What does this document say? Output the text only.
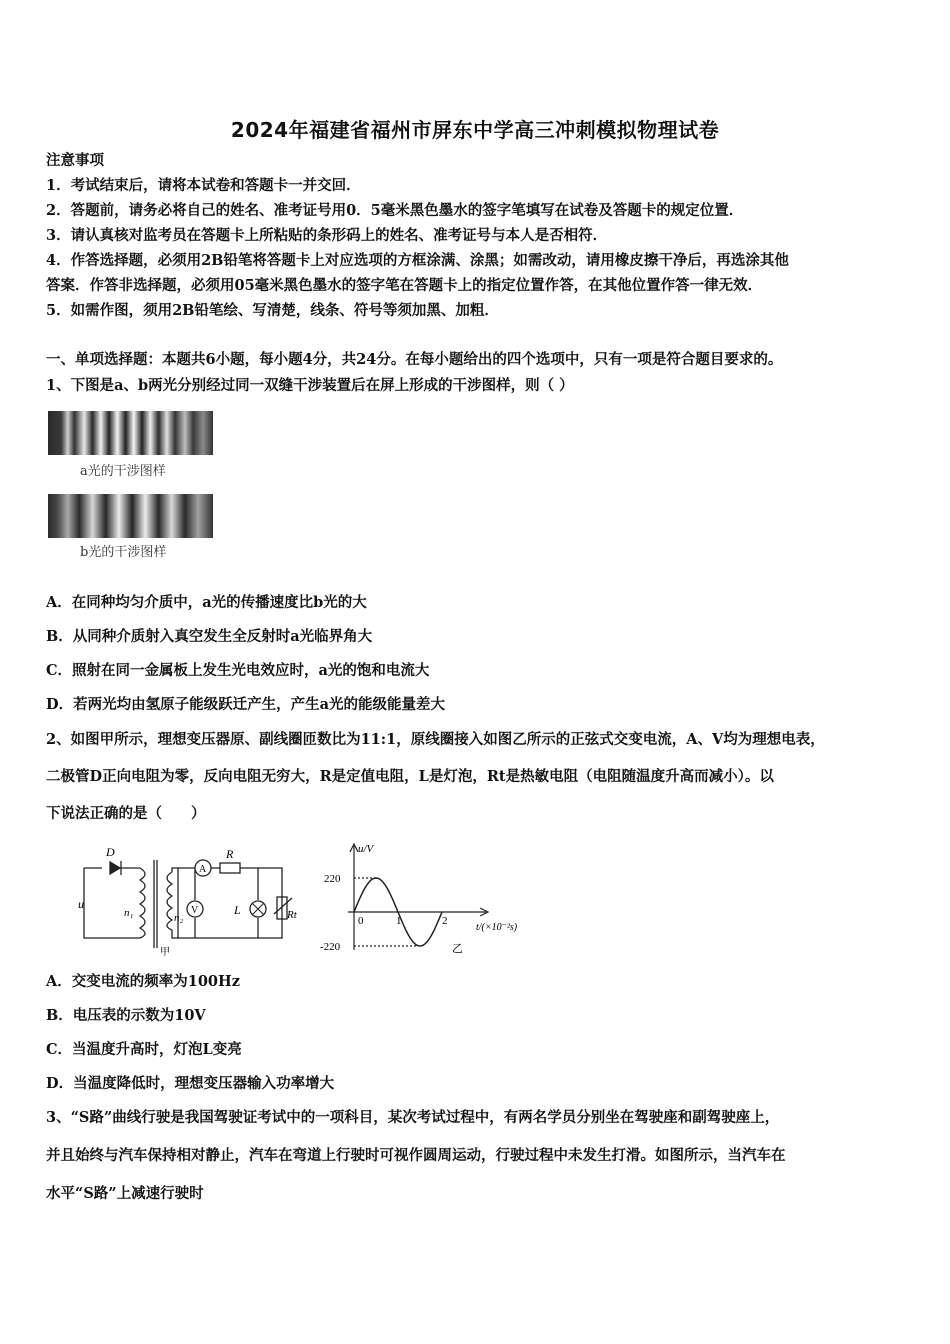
2024年福建省福州市屏东中学高三冲刺模拟物理试卷
注意事项
1．考试结束后，请将本试卷和答题卡一并交回．
2．答题前，请务必将自己的姓名、准考证号用0．5毫米黑色墨水的签字笔填写在试卷及答题卡的规定位置．
3．请认真核对监考员在答题卡上所粘贴的条形码上的姓名、准考证号与本人是否相符．
4．作答选择题，必须用2B铅笔将答题卡上对应选项的方框涂满、涂黑；如需改动，请用橡皮擦干净后，再选涂其他
答案．作答非选择题，必须用05毫米黑色墨水的签字笔在答题卡上的指定位置作答，在其他位置作答一律无效．
5．如需作图，须用2B铅笔绘、写清楚，线条、符号等须加黑、加粗．
一、单项选择题：本题共6小题，每小题4分，共24分。在每小题给出的四个选项中，只有一项是符合题目要求的。
1、下图是a、b两光分别经过同一双缝干涉装置后在屏上形成的干涉图样，则（ ）
a光的干涉图样
b光的干涉图样
A．在同种均匀介质中，a光的传播速度比b光的大
B．从同种介质射入真空发生全反射时a光临界角大
C．照射在同一金属板上发生光电效应时，a光的饱和电流大
D．若两光均由氢原子能级跃迁产生，产生a光的能级能量差大
2、如图甲所示，理想变压器原、副线圈匝数比为11:1，原线圈接入如图乙所示的正弦式交变电流，A、V均为理想电表，
二极管D正向电阻为零，反向电阻无穷大，R是定值电阻，L是灯泡，Rt是热敏电阻（电阻随温度升高而减小）。以
下说法正确的是（　　）
D
u
n₁	n₂
A
V
R
L	Rt
甲
u/V
220
-220
0	1	2
t/(×10⁻²s)
乙
A．交变电流的频率为100Hz
B．电压表的示数为10V
C．当温度升高时，灯泡L变亮
D．当温度降低时，理想变压器输入功率增大
3、“S路”曲线行驶是我国驾驶证考试中的一项科目，某次考试过程中，有两名学员分别坐在驾驶座和副驾驶座上，
并且始终与汽车保持相对静止，汽车在弯道上行驶时可视作圆周运动，行驶过程中未发生打滑。如图所示，当汽车在
水平“S路”上减速行驶时
